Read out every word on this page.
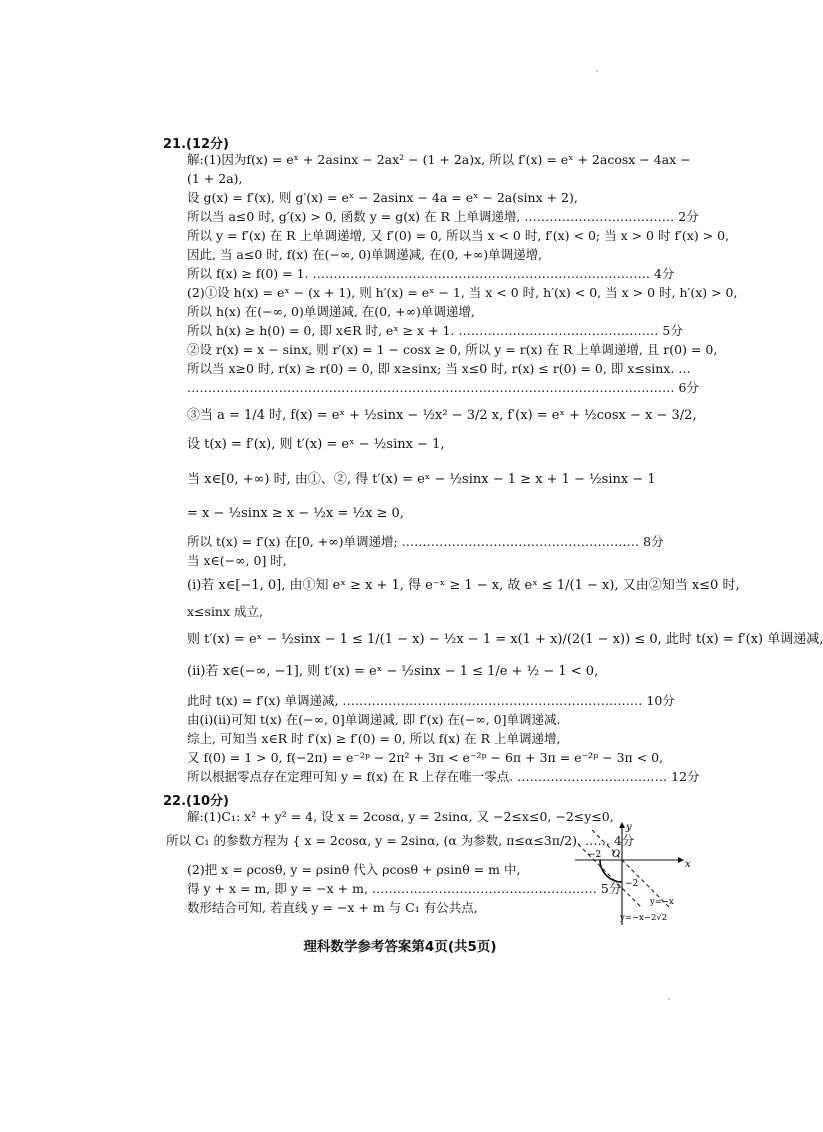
21.(12分)
解:(1)因为f(x) = eˣ + 2asinx − 2ax² − (1 + 2a)x, 所以 f′(x) = eˣ + 2acosx − 4ax −
(1 + 2a),
设 g(x) = f′(x), 则 g′(x) = eˣ − 2asinx − 4a = eˣ − 2a(sinx + 2),
所以当 a≤0 时, g′(x) > 0, 函数 y = g(x) 在 R 上单调递增, ……………………………… 2分
所以 y = f′(x) 在 R 上单调递增, 又 f′(0) = 0, 所以当 x < 0 时, f′(x) < 0; 当 x > 0 时 f′(x) > 0,
因此, 当 a≤0 时, f(x) 在(−∞, 0)单调递减, 在(0, +∞)单调递增,
所以 f(x) ≥ f(0) = 1. ……………………………………………………………………… 4分
(2)①设 h(x) = eˣ − (x + 1), 则 h′(x) = eˣ − 1, 当 x < 0 时, h′(x) < 0, 当 x > 0 时, h′(x) > 0,
所以 h(x) 在(−∞, 0)单调递减, 在(0, +∞)单调递增,
所以 h(x) ≥ h(0) = 0, 即 x∈R 时, eˣ ≥ x + 1. ………………………………………… 5分
②设 r(x) = x − sinx, 则 r′(x) = 1 − cosx ≥ 0, 所以 y = r(x) 在 R 上单调递增, 且 r(0) = 0,
所以当 x≥0 时, r(x) ≥ r(0) = 0, 即 x≥sinx; 当 x≤0 时, r(x) ≤ r(0) = 0, 即 x≤sinx. …
……………………………………………………………………………………………………… 6分
③当 a = 1/4 时, f(x) = eˣ + ½sinx − ½x² − 3/2 x, f′(x) = eˣ + ½cosx − x − 3/2,
设 t(x) = f′(x), 则 t′(x) = eˣ − ½sinx − 1,
当 x∈[0, +∞) 时, 由①、②, 得 t′(x) = eˣ − ½sinx − 1 ≥ x + 1 − ½sinx − 1
= x − ½sinx ≥ x − ½x = ½x ≥ 0,
所以 t(x) = f′(x) 在[0, +∞)单调递增; ………………………………………………… 8分
当 x∈(−∞, 0] 时,
(i)若 x∈[−1, 0], 由①知 eˣ ≥ x + 1, 得 e⁻ˣ ≥ 1 − x, 故 eˣ ≤ 1/(1 − x), 又由②知当 x≤0 时,
x≤sinx 成立,
则 t′(x) = eˣ − ½sinx − 1 ≤ 1/(1 − x) − ½x − 1 = x(1 + x)/(2(1 − x)) ≤ 0, 此时 t(x) = f′(x) 单调递减,
(ii)若 x∈(−∞, −1], 则 t′(x) = eˣ − ½sinx − 1 ≤ 1/e + ½ − 1 < 0,
此时 t(x) = f′(x) 单调递减, ……………………………………………………………… 10分
由(i)(ii)可知 t(x) 在(−∞, 0]单调递减, 即 f′(x) 在(−∞, 0]单调递减.
综上, 可知当 x∈R 时 f′(x) ≥ f′(0) = 0, 所以 f(x) 在 R 上单调递增,
又 f(0) = 1 > 0, f(−2π) = e⁻²ᵖ − 2π² + 3π < e⁻²ᵖ − 6π + 3π = e⁻²ᵖ − 3π < 0,
所以根据零点存在定理可知 y = f(x) 在 R 上存在唯一零点. ……………………………… 12分
22.(10分)
解:(1)C₁: x² + y² = 4, 设 x = 2cosα, y = 2sinα, 又 −2≤x≤0, −2≤y≤0,
所以 C₁ 的参数方程为 { x = 2cosα, y = 2sinα, (α 为参数, π≤α≤3π/2). …… 4分
(2)把 x = ρcosθ, y = ρsinθ 代入 ρcosθ + ρsinθ = m 中,
得 y + x = m, 即 y = −x + m, ……………………………………………… 5分
数形结合可知, 若直线 y = −x + m 与 C₁ 有公共点,
x
y
O
−2
−2
y=−x
y=−x−2√2
理科数学参考答案第4页(共5页)
